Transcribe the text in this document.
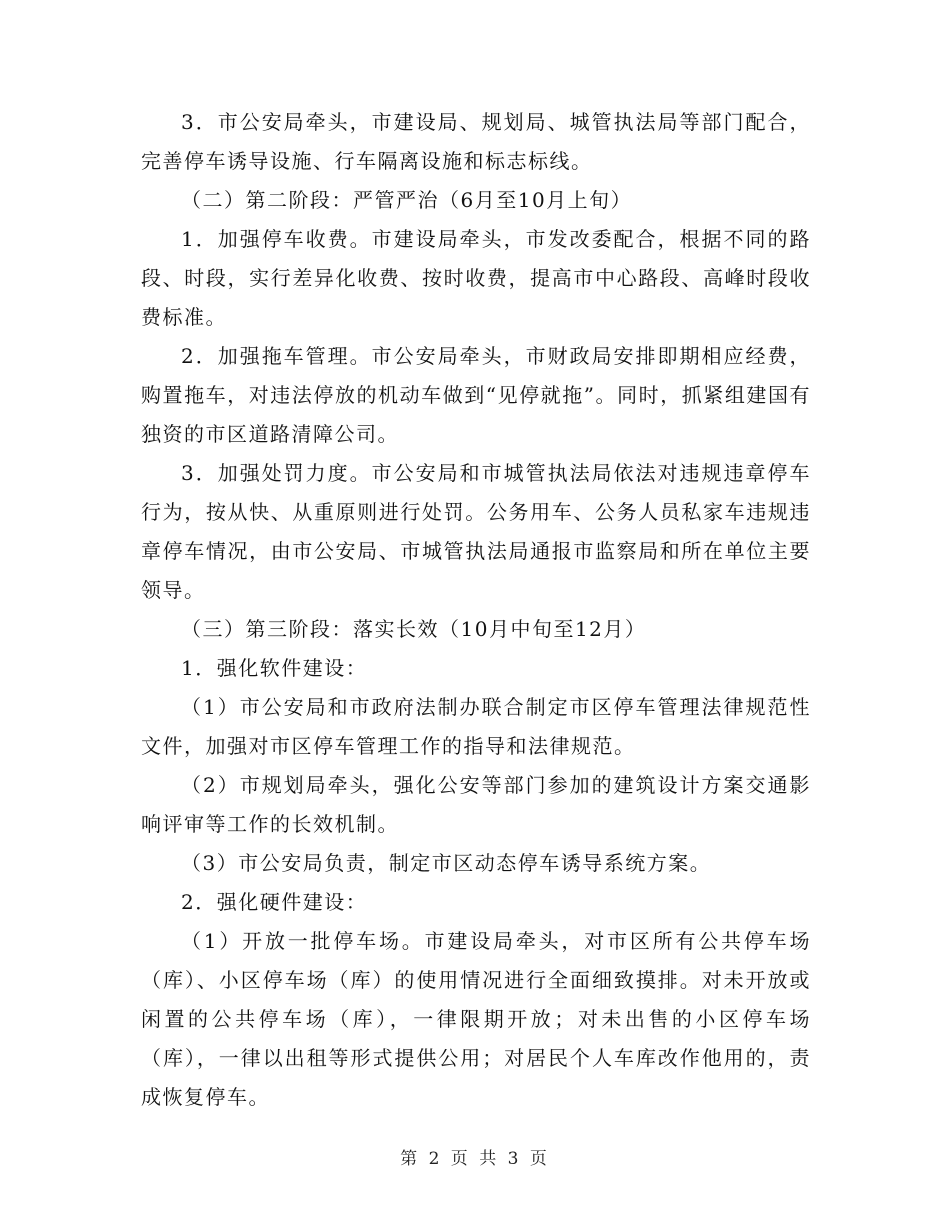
3．市公安局牵头，市建设局、规划局、城管执法局等部门配合，完善停车诱导设施、行车隔离设施和标志标线。

（二）第二阶段：严管严治（6月至10月上旬）

1．加强停车收费。市建设局牵头，市发改委配合，根据不同的路段、时段，实行差异化收费、按时收费，提高市中心路段、高峰时段收费标准。

2．加强拖车管理。市公安局牵头，市财政局安排即期相应经费，购置拖车，对违法停放的机动车做到“见停就拖”。同时，抓紧组建国有独资的市区道路清障公司。

3．加强处罚力度。市公安局和市城管执法局依法对违规违章停车行为，按从快、从重原则进行处罚。公务用车、公务人员私家车违规违章停车情况，由市公安局、市城管执法局通报市监察局和所在单位主要领导。

（三）第三阶段：落实长效（10月中旬至12月）

1．强化软件建设：

（1）市公安局和市政府法制办联合制定市区停车管理法律规范性文件，加强对市区停车管理工作的指导和法律规范。

（2）市规划局牵头，强化公安等部门参加的建筑设计方案交通影响评审等工作的长效机制。

（3）市公安局负责，制定市区动态停车诱导系统方案。

2．强化硬件建设：

（1）开放一批停车场。市建设局牵头，对市区所有公共停车场（库）、小区停车场（库）的使用情况进行全面细致摸排。对未开放或闲置的公共停车场（库），一律限期开放；对未出售的小区停车场（库），一律以出租等形式提供公用；对居民个人车库改作他用的，责成恢复停车。

第 2 页 共 3 页
